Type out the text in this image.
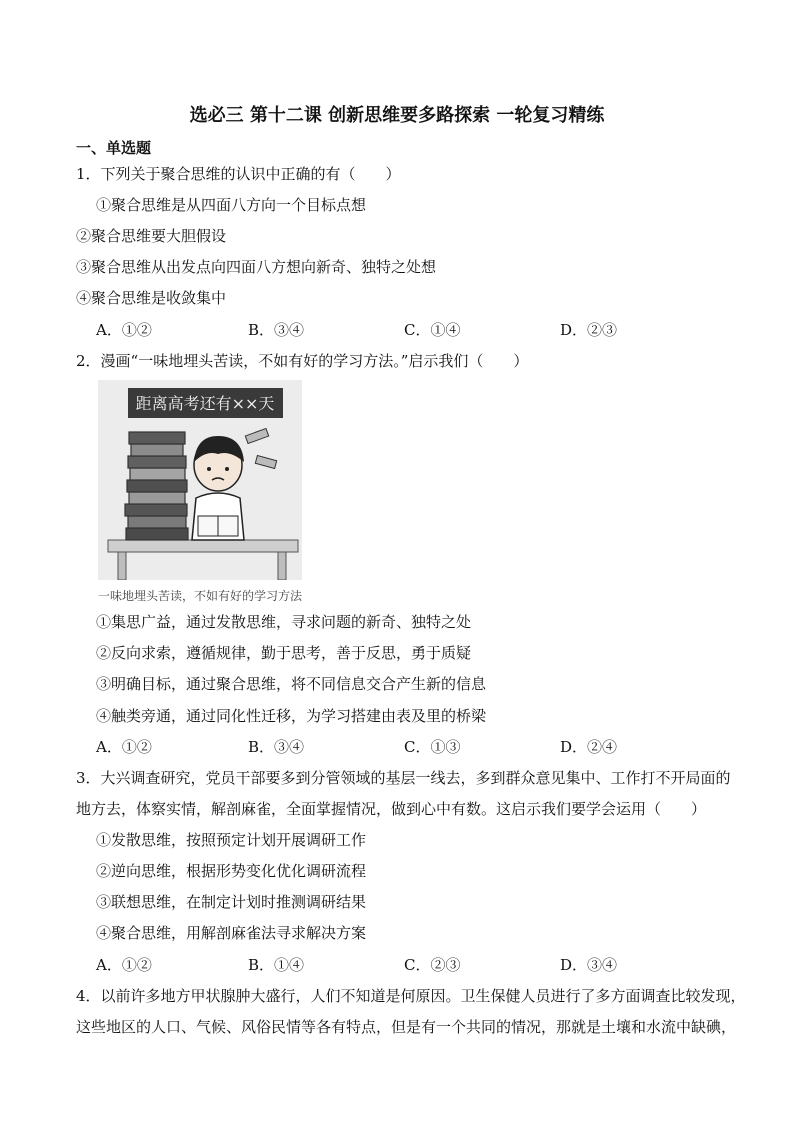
选必三 第十二课 创新思维要多路探索 一轮复习精练
一、单选题
1．下列关于聚合思维的认识中正确的有（　　）
①聚合思维是从四面八方向一个目标点想
②聚合思维要大胆假设
③聚合思维从出发点向四面八方想向新奇、独特之处想
④聚合思维是收敛集中
A．①②	B．③④	C．①④	D．②③
2．漫画“一味地埋头苦读，不如有好的学习方法。”启示我们（　　）
距离高考还有××天
一味地埋头苦读，不如有好的学习方法
①集思广益，通过发散思维，寻求问题的新奇、独特之处
②反向求索，遵循规律，勤于思考，善于反思，勇于质疑
③明确目标，通过聚合思维，将不同信息交合产生新的信息
④触类旁通，通过同化性迁移，为学习搭建由表及里的桥梁
A．①②	B．③④	C．①③	D．②④
3．大兴调查研究，党员干部要多到分管领域的基层一线去，多到群众意见集中、工作打不开局面的
地方去，体察实情，解剖麻雀，全面掌握情况，做到心中有数。这启示我们要学会运用（　　）
①发散思维，按照预定计划开展调研工作
②逆向思维，根据形势变化优化调研流程
③联想思维，在制定计划时推测调研结果
④聚合思维，用解剖麻雀法寻求解决方案
A．①②	B．①④	C．②③	D．③④
4．以前许多地方甲状腺肿大盛行，人们不知道是何原因。卫生保健人员进行了多方面调查比较发现，
这些地区的人口、气候、风俗民情等各有特点，但是有一个共同的情况，那就是土壤和水流中缺碘，
